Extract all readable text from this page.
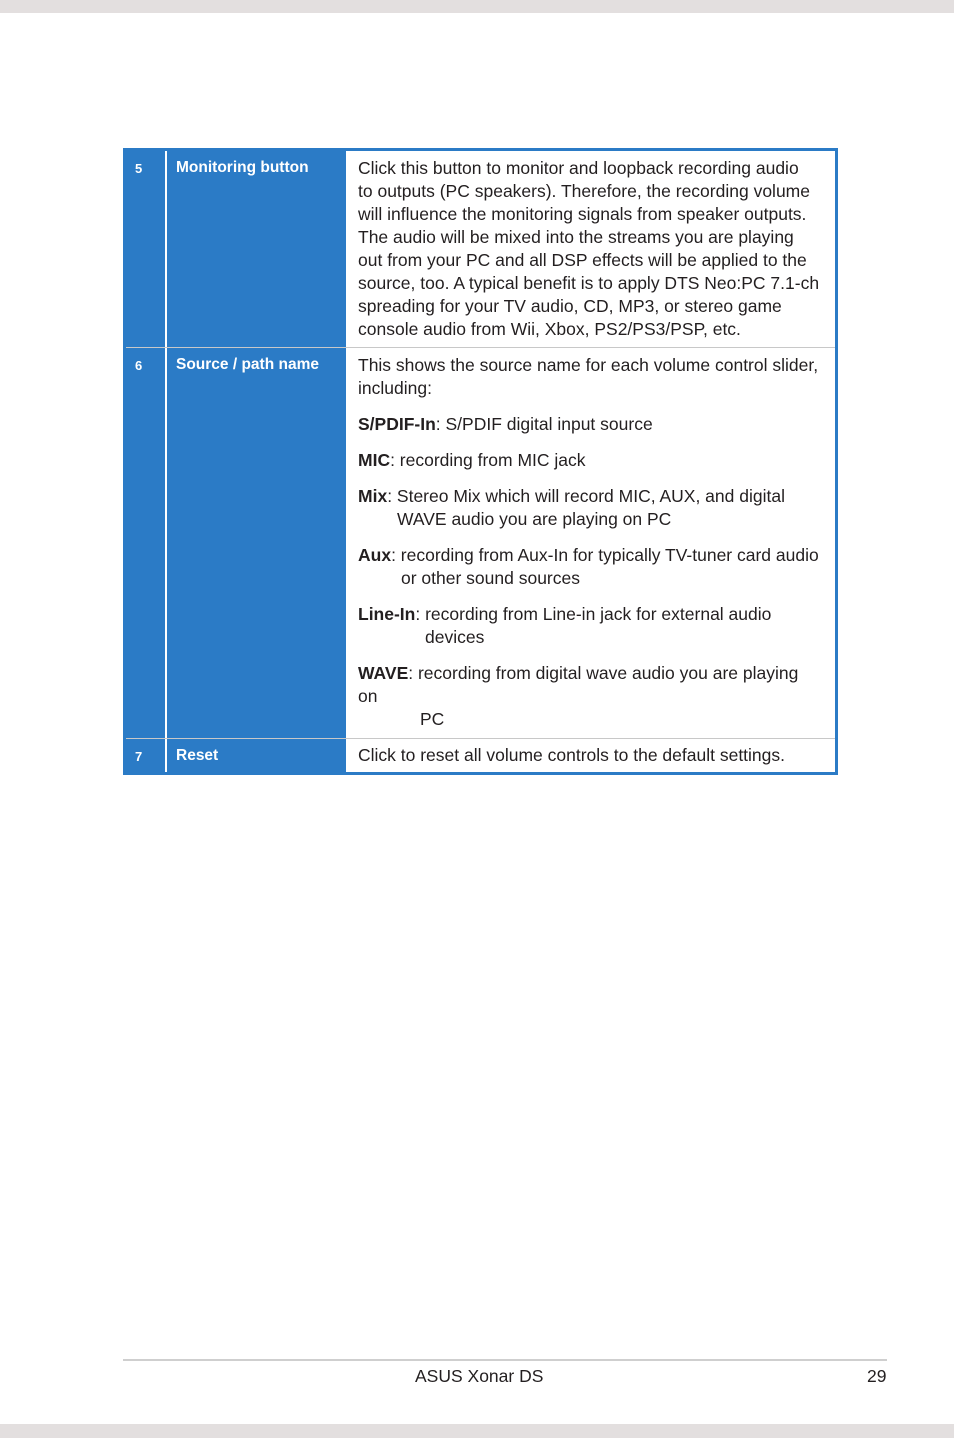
5	Monitoring button	Click this button to monitor and loopback recording audio
to outputs (PC speakers). Therefore, the recording volume
will influence the monitoring signals from speaker outputs.
The audio will be mixed into the streams you are playing
out from your PC and all DSP effects will be applied to the
source, too. A typical benefit is to apply DTS Neo:PC 7.1-ch
spreading for your TV audio, CD, MP3, or stereo game
console audio from Wii, Xbox, PS2/PS3/PSP, etc.
6	Source / path name	This shows the source name for each volume control slider,
including:

S/PDIF-In: S/PDIF digital input source

MIC: recording from MIC jack

Mix: Stereo Mix which will record MIC, AUX, and digital
WAVE audio you are playing on PC

Aux: recording from Aux-In for typically TV-tuner card audio
or other sound sources

Line-In: recording from Line-in jack for external audio
devices

WAVE: recording from digital wave audio you are playing on
PC

7	Reset	Click to reset all volume controls to the default settings.
ASUS Xonar DS	29
